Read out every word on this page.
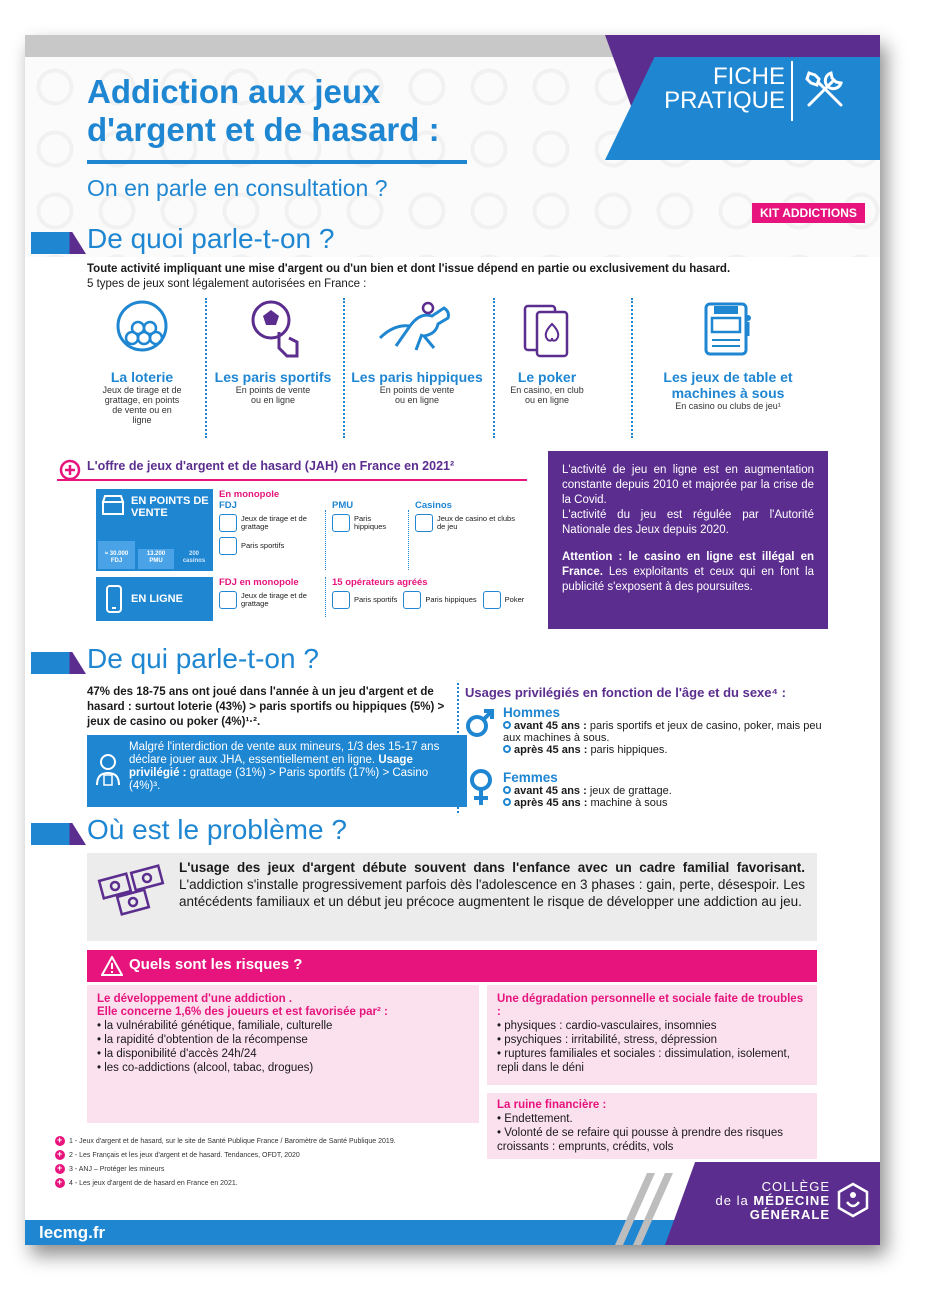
Addiction aux jeux
d'argent et de hasard :
On en parle en consultation ?
FICHE
PRATIQUE
KIT ADDICTIONS
De quoi parle-t-on ?
Toute activité impliquant une mise d'argent ou d'un bien et dont l'issue dépend en partie ou exclusivement du hasard.
5 types de jeux sont légalement autorisées en France :
La loterie
Jeux de tirage et de grattage, en points de vente ou en ligne
Les paris sportifs
En points de vente ou en ligne
Les paris hippiques
En points de vente ou en ligne
Le poker
En casino, en club ou en ligne
Les jeux de table et machines à sous
En casino ou clubs de jeu¹
L'offre de jeux d'argent et de hasard (JAH) en France en 2021²
EN POINTS DE VENTE
≈ 30.000
FDJ
13.200
PMU
200
casinos
EN LIGNE
En monopole
FDJ
Jeux de tirage et de grattage
Paris sportifs
PMU
Paris hippiques
Casinos
Jeux de casino et clubs de jeu
FDJ en monopole
Jeux de tirage et de grattage
15 opérateurs agréés
Paris sportifs	Paris hippiques	Poker
L'activité de jeu en ligne est en augmentation constante depuis 2010 et majorée par la crise de la Covid.
L'activité du jeu est régulée par l'Autorité Nationale des Jeux depuis 2020.
Attention : le casino en ligne est illégal en France. Les exploitants et ceux qui en font la publicité s'exposent à des poursuites.
De qui parle-t-on ?
47% des 18-75 ans ont joué dans l'année à un jeu d'argent et de hasard : surtout loterie (43%) > paris sportifs ou hippiques (5%) > jeux de casino ou poker (4%)¹·².
Malgré l'interdiction de vente aux mineurs, 1/3 des 15-17 ans déclare jouer aux JHA, essentiellement en ligne. Usage privilégié : grattage (31%) > Paris sportifs (17%) > Casino (4%)³.
Usages privilégiés en fonction de l'âge et du sexe⁴ :
Hommes
avant 45 ans : paris sportifs et jeux de casino, poker, mais peu aux machines à sous.
après 45 ans : paris hippiques.
Femmes
avant 45 ans : jeux de grattage.
après 45 ans : machine à sous
Où est le problème ?
L'usage des jeux d'argent débute souvent dans l'enfance avec un cadre familial favorisant. L'addiction s'installe progressivement parfois dès l'adolescence en 3 phases : gain, perte, désespoir. Les antécédents familiaux et un début jeu précoce augmentent le risque de développer une addiction au jeu.
Quels sont les risques ?
Le développement d'une addiction .
Elle concerne 1,6% des joueurs et est favorisée par² :
• la vulnérabilité génétique, familiale, culturelle
• la rapidité d'obtention de la récompense
• la disponibilité d'accès 24h/24
• les co-addictions (alcool, tabac, drogues)
Une dégradation personnelle et sociale faite de troubles :
• physiques : cardio-vasculaires, insomnies
• psychiques : irritabilité, stress, dépression
• ruptures familiales et sociales : dissimulation, isolement, repli dans le déni
La ruine financière :
• Endettement.
• Volonté de se refaire qui pousse à prendre des risques croissants : emprunts, crédits, vols
+1 - Jeux d'argent et de hasard, sur le site de Santé Publique France / Baromètre de Santé Publique 2019.
+2 - Les Français et les jeux d'argent et de hasard. Tendances, OFDT, 2020
+3 - ANJ – Protéger les mineurs
+4 - Les jeux d'argent de de hasard en France en 2021.
lecmg.fr
COLLÈGE
de la MÉDECINE
GÉNÉRALE
